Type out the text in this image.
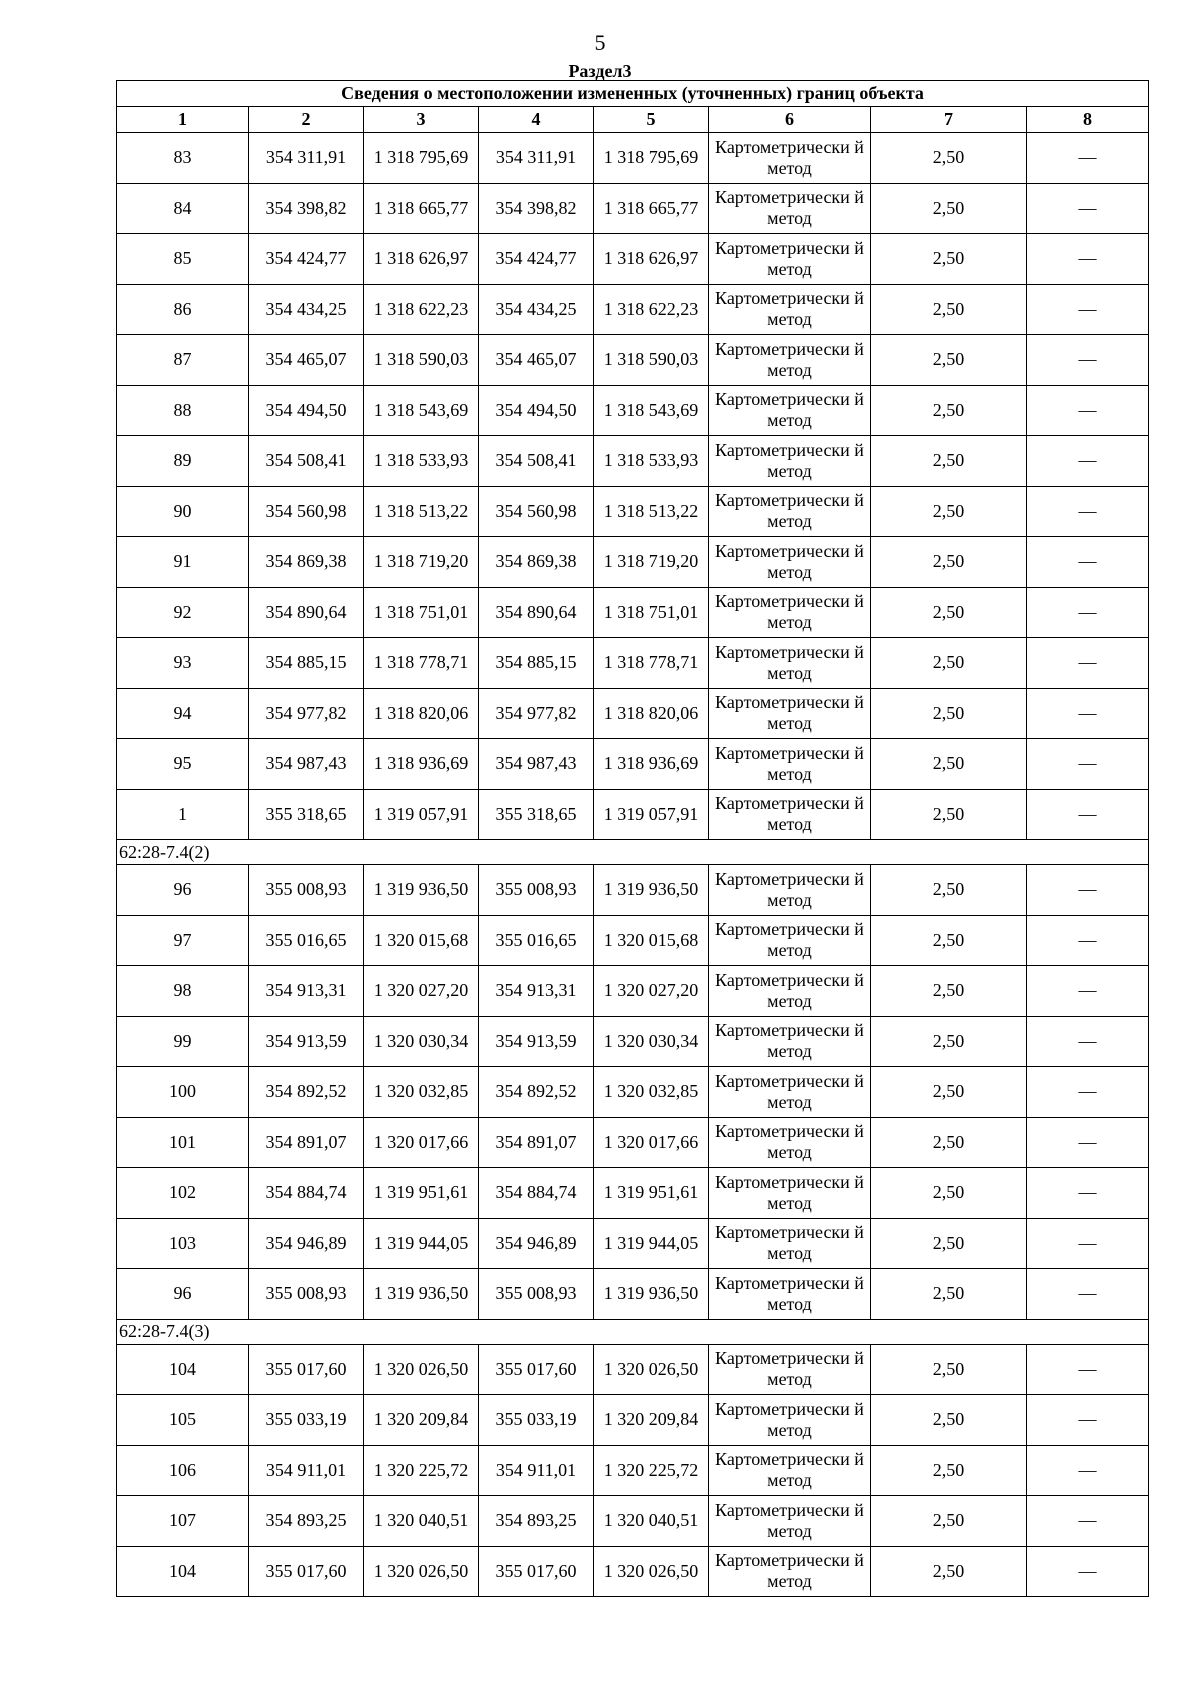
5
Раздел3
Сведения о местоположении измененных (уточненных) границ объекта							
1	2	3	4	5	6	7	8
83	354 311,91	1 318 795,69	354 311,91	1 318 795,69	Картометрически й метод	2,50	—
84	354 398,82	1 318 665,77	354 398,82	1 318 665,77	Картометрически й метод	2,50	—
85	354 424,77	1 318 626,97	354 424,77	1 318 626,97	Картометрически й метод	2,50	—
86	354 434,25	1 318 622,23	354 434,25	1 318 622,23	Картометрически й метод	2,50	—
87	354 465,07	1 318 590,03	354 465,07	1 318 590,03	Картометрически й метод	2,50	—
88	354 494,50	1 318 543,69	354 494,50	1 318 543,69	Картометрически й метод	2,50	—
89	354 508,41	1 318 533,93	354 508,41	1 318 533,93	Картометрически й метод	2,50	—
90	354 560,98	1 318 513,22	354 560,98	1 318 513,22	Картометрически й метод	2,50	—
91	354 869,38	1 318 719,20	354 869,38	1 318 719,20	Картометрически й метод	2,50	—
92	354 890,64	1 318 751,01	354 890,64	1 318 751,01	Картометрически й метод	2,50	—
93	354 885,15	1 318 778,71	354 885,15	1 318 778,71	Картометрически й метод	2,50	—
94	354 977,82	1 318 820,06	354 977,82	1 318 820,06	Картометрически й метод	2,50	—
95	354 987,43	1 318 936,69	354 987,43	1 318 936,69	Картометрически й метод	2,50	—
1	355 318,65	1 319 057,91	355 318,65	1 319 057,91	Картометрически й метод	2,50	—
62:28-7.4(2)							
96	355 008,93	1 319 936,50	355 008,93	1 319 936,50	Картометрически й метод	2,50	—
97	355 016,65	1 320 015,68	355 016,65	1 320 015,68	Картометрически й метод	2,50	—
98	354 913,31	1 320 027,20	354 913,31	1 320 027,20	Картометрически й метод	2,50	—
99	354 913,59	1 320 030,34	354 913,59	1 320 030,34	Картометрически й метод	2,50	—
100	354 892,52	1 320 032,85	354 892,52	1 320 032,85	Картометрически й метод	2,50	—
101	354 891,07	1 320 017,66	354 891,07	1 320 017,66	Картометрически й метод	2,50	—
102	354 884,74	1 319 951,61	354 884,74	1 319 951,61	Картометрически й метод	2,50	—
103	354 946,89	1 319 944,05	354 946,89	1 319 944,05	Картометрически й метод	2,50	—
96	355 008,93	1 319 936,50	355 008,93	1 319 936,50	Картометрически й метод	2,50	—
62:28-7.4(3)							
104	355 017,60	1 320 026,50	355 017,60	1 320 026,50	Картометрически й метод	2,50	—
105	355 033,19	1 320 209,84	355 033,19	1 320 209,84	Картометрически й метод	2,50	—
106	354 911,01	1 320 225,72	354 911,01	1 320 225,72	Картометрически й метод	2,50	—
107	354 893,25	1 320 040,51	354 893,25	1 320 040,51	Картометрически й метод	2,50	—
104	355 017,60	1 320 026,50	355 017,60	1 320 026,50	Картометрически й метод	2,50	—
